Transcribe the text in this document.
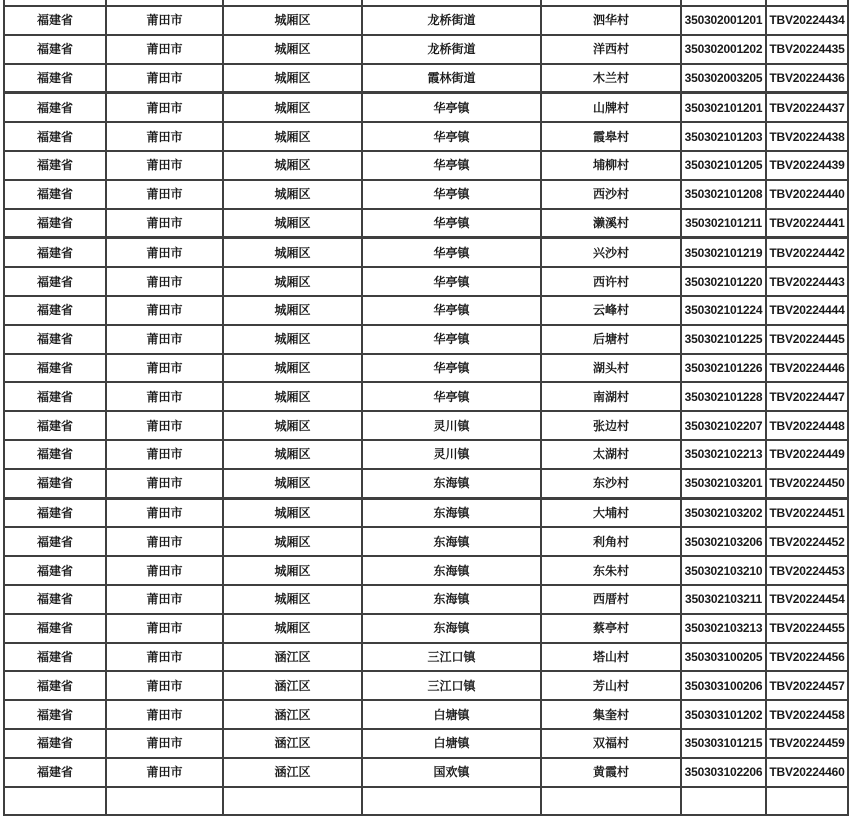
福建省	莆田市	城厢区	龙桥街道	泗华村	350302001201	TBV20224434
福建省	莆田市	城厢区	龙桥街道	洋西村	350302001202	TBV20224435
福建省	莆田市	城厢区	霞林街道	木兰村	350302003205	TBV20224436
福建省	莆田市	城厢区	华亭镇	山牌村	350302101201	TBV20224437
福建省	莆田市	城厢区	华亭镇	霞皋村	350302101203	TBV20224438
福建省	莆田市	城厢区	华亭镇	埔柳村	350302101205	TBV20224439
福建省	莆田市	城厢区	华亭镇	西沙村	350302101208	TBV20224440
福建省	莆田市	城厢区	华亭镇	濑溪村	350302101211	TBV20224441
福建省	莆田市	城厢区	华亭镇	兴沙村	350302101219	TBV20224442
福建省	莆田市	城厢区	华亭镇	西许村	350302101220	TBV20224443
福建省	莆田市	城厢区	华亭镇	云峰村	350302101224	TBV20224444
福建省	莆田市	城厢区	华亭镇	后塘村	350302101225	TBV20224445
福建省	莆田市	城厢区	华亭镇	湖头村	350302101226	TBV20224446
福建省	莆田市	城厢区	华亭镇	南湖村	350302101228	TBV20224447
福建省	莆田市	城厢区	灵川镇	张边村	350302102207	TBV20224448
福建省	莆田市	城厢区	灵川镇	太湖村	350302102213	TBV20224449
福建省	莆田市	城厢区	东海镇	东沙村	350302103201	TBV20224450
福建省	莆田市	城厢区	东海镇	大埔村	350302103202	TBV20224451
福建省	莆田市	城厢区	东海镇	利角村	350302103206	TBV20224452
福建省	莆田市	城厢区	东海镇	东朱村	350302103210	TBV20224453
福建省	莆田市	城厢区	东海镇	西厝村	350302103211	TBV20224454
福建省	莆田市	城厢区	东海镇	蔡亭村	350302103213	TBV20224455
福建省	莆田市	涵江区	三江口镇	塔山村	350303100205	TBV20224456
福建省	莆田市	涵江区	三江口镇	芳山村	350303100206	TBV20224457
福建省	莆田市	涵江区	白塘镇	集奎村	350303101202	TBV20224458
福建省	莆田市	涵江区	白塘镇	双福村	350303101215	TBV20224459
福建省	莆田市	涵江区	国欢镇	黄霞村	350303102206	TBV20224460
